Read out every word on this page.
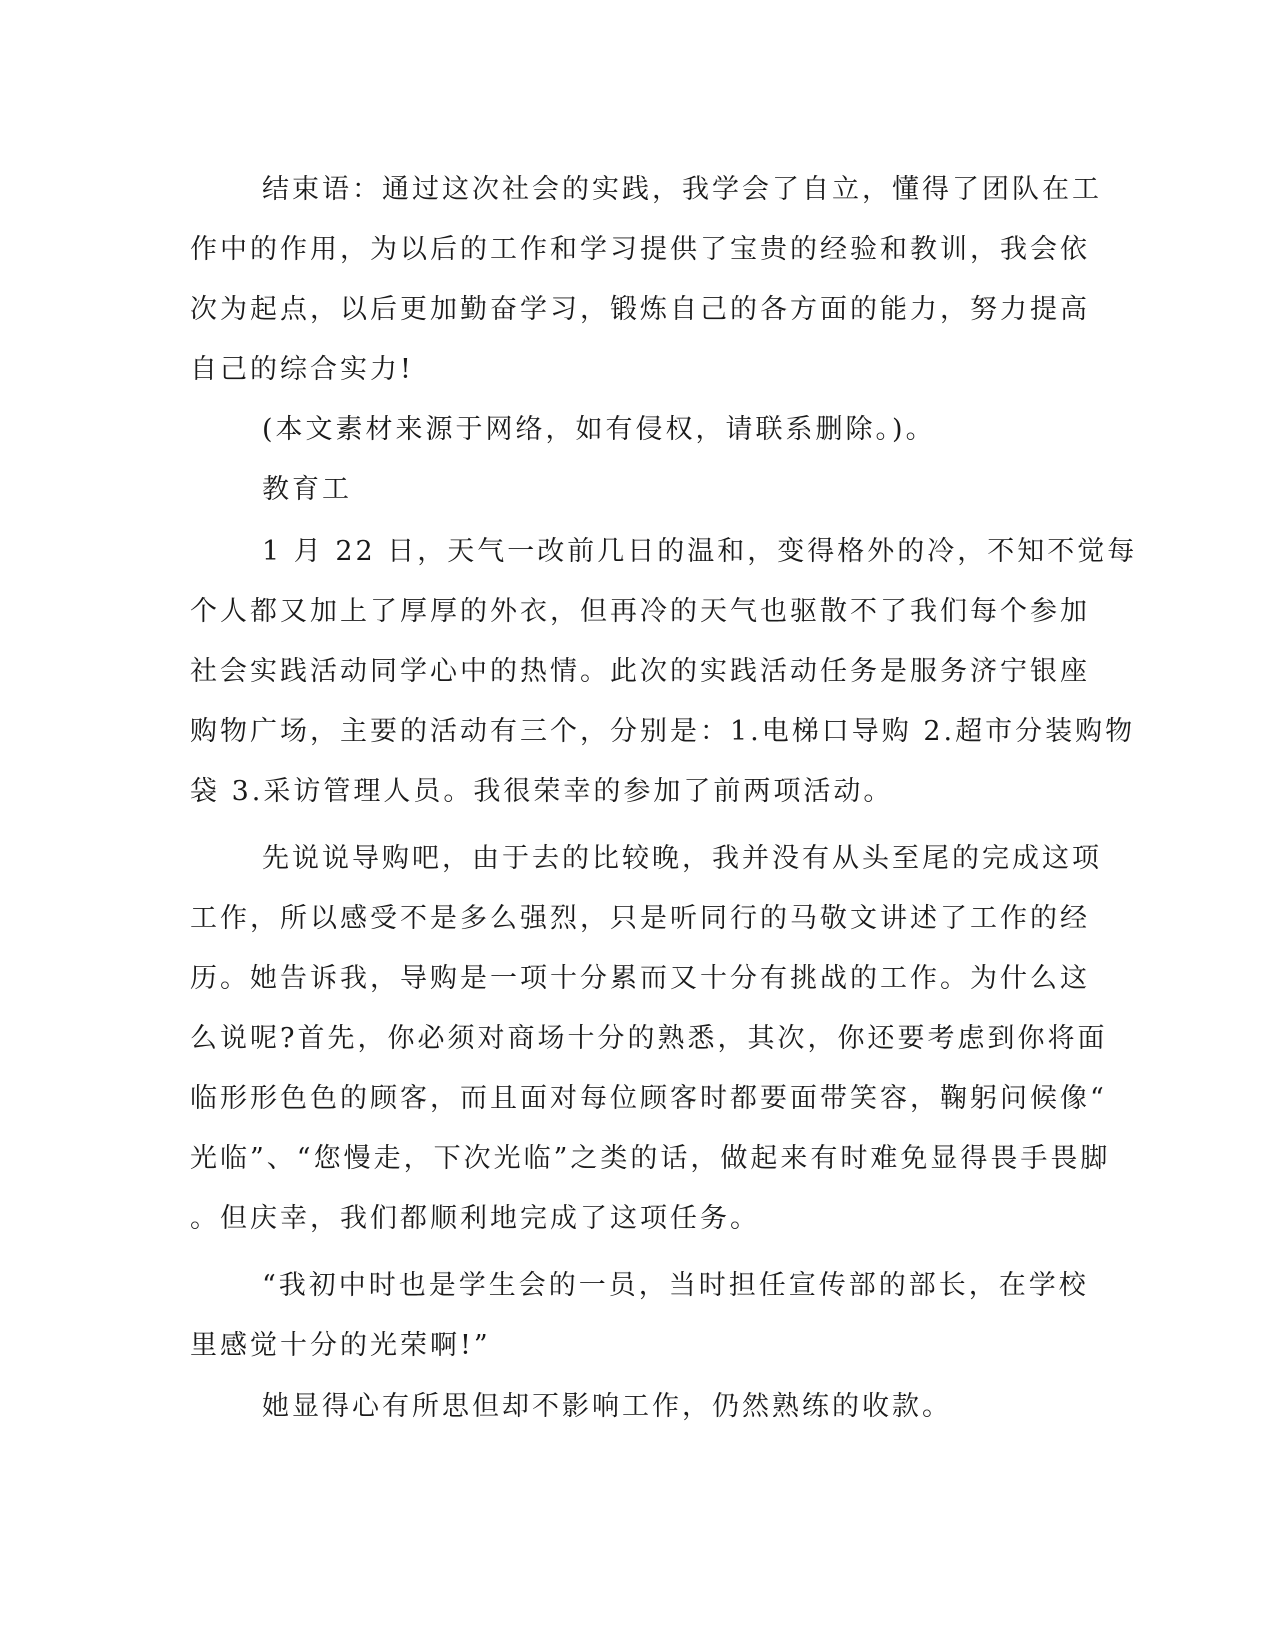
结束语：通过这次社会的实践，我学会了自立，懂得了团队在工
作中的作用，为以后的工作和学习提供了宝贵的经验和教训，我会依
次为起点，以后更加勤奋学习，锻炼自己的各方面的能力，努力提高
自己的综合实力!
(本文素材来源于网络，如有侵权，请联系删除。)。
教育工
1 月 22 日，天气一改前几日的温和，变得格外的冷，不知不觉每
个人都又加上了厚厚的外衣，但再冷的天气也驱散不了我们每个参加
社会实践活动同学心中的热情。此次的实践活动任务是服务济宁银座
购物广场，主要的活动有三个，分别是：1.电梯口导购 2.超市分装购物
袋 3.采访管理人员。我很荣幸的参加了前两项活动。
先说说导购吧，由于去的比较晚，我并没有从头至尾的完成这项
工作，所以感受不是多么强烈，只是听同行的马敬文讲述了工作的经
历。她告诉我，导购是一项十分累而又十分有挑战的工作。为什么这
么说呢?首先，你必须对商场十分的熟悉，其次，你还要考虑到你将面
临形形色色的顾客，而且面对每位顾客时都要面带笑容，鞠躬问候像“
光临”、“您慢走，下次光临”之类的话，做起来有时难免显得畏手畏脚
。但庆幸，我们都顺利地完成了这项任务。
“我初中时也是学生会的一员，当时担任宣传部的部长，在学校
里感觉十分的光荣啊!”
她显得心有所思但却不影响工作，仍然熟练的收款。
